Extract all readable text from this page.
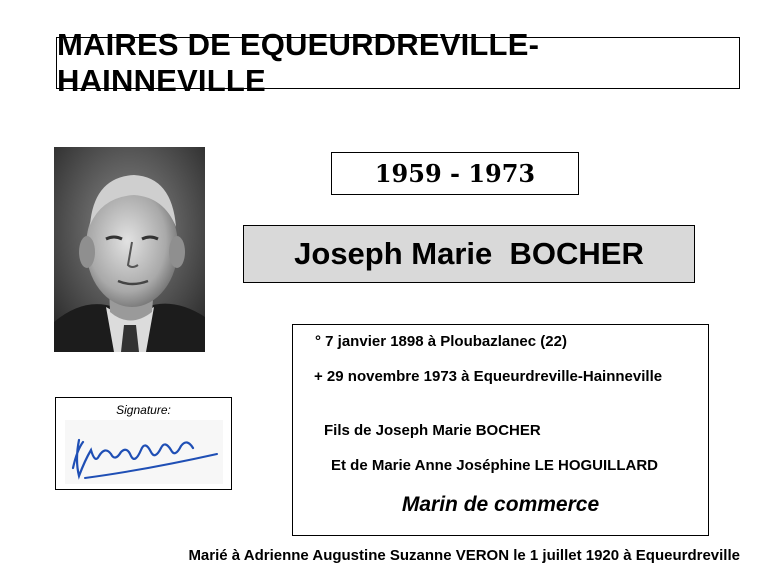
MAIRES DE EQUEURDREVILLE-HAINNEVILLE
1959 - 1973
Joseph Marie  BOCHER
Signature:
° 7 janvier 1898 à Ploubazlanec (22)
+ 29 novembre 1973 à Equeurdreville-Hainneville
Fils de Joseph Marie BOCHER
Et de Marie Anne Joséphine LE HOGUILLARD
Marin de commerce
Marié à Adrienne Augustine Suzanne VERON le 1 juillet 1920 à Equeurdreville
